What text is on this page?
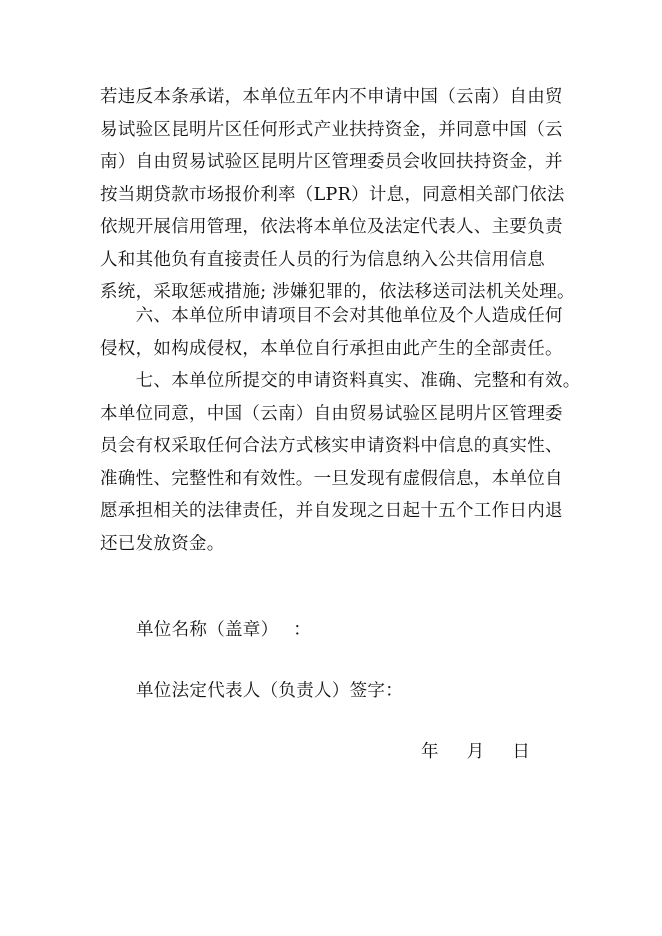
若违反本条承诺，本单位五年内不申请中国（云南）自由贸
易试验区昆明片区任何形式产业扶持资金，并同意中国（云
南）自由贸易试验区昆明片区管理委员会收回扶持资金，并
按当期贷款市场报价利率（LPR）计息，同意相关部门依法
依规开展信用管理，依法将本单位及法定代表人、主要负责
人和其他负有直接责任人员的行为信息纳入公共信用信息
系统，采取惩戒措施; 涉嫌犯罪的，依法移送司法机关处理。
　　六、本单位所申请项目不会对其他单位及个人造成任何
侵权，如构成侵权，本单位自行承担由此产生的全部责任。
　　七、本单位所提交的申请资料真实、准确、完整和有效。
本单位同意，中国（云南）自由贸易试验区昆明片区管理委
员会有权采取任何合法方式核实申请资料中信息的真实性、
准确性、完整性和有效性。一旦发现有虚假信息，本单位自
愿承担相关的法律责任，并自发现之日起十五个工作日内退
还已发放资金。
单位名称（盖章）　 ：
单位法定代表人（负责人）签字：
年 月 日
